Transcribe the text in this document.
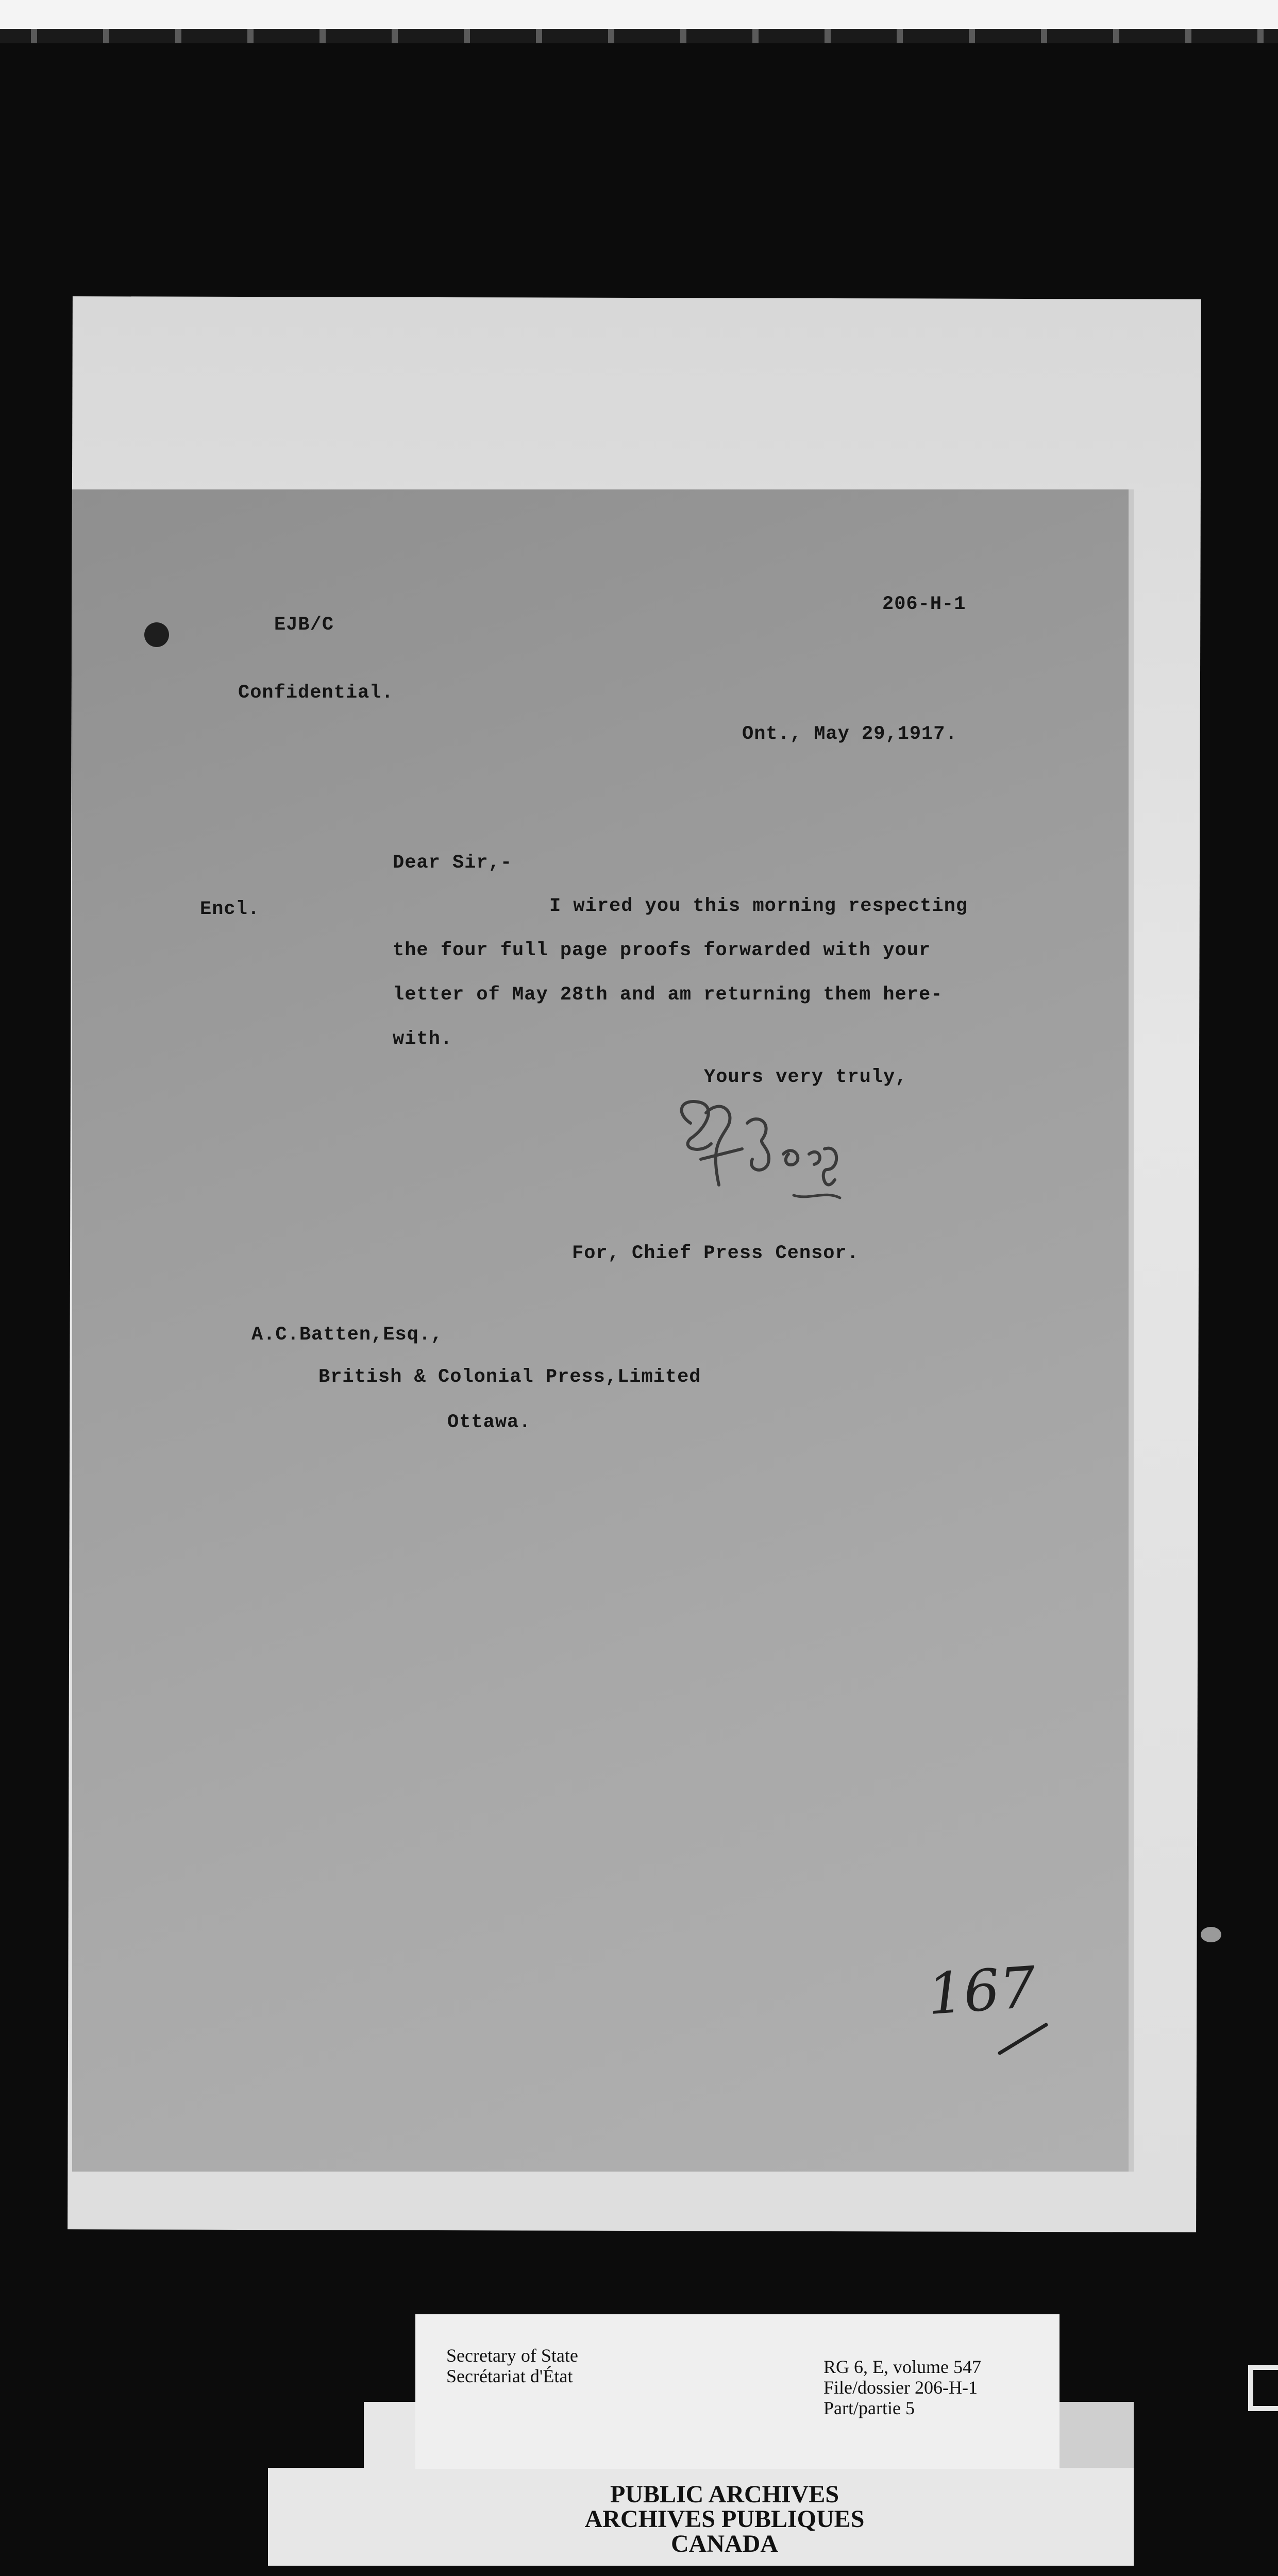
EJB/C
206-H-1
Confidential.
Ont., May 29,1917.
Dear Sir,-
Encl.	I wired you this morning respecting
the four full page proofs forwarded with your
letter of May 28th and am returning them here-
with.
Yours very truly,
For, Chief Press Censor.
A.C.Batten,Esq.,
British & Colonial Press,Limited
Ottawa.
167
Secretary of State
Secrétariat d'État	RG 6, E, volume 547
File/dossier 206-H-1
Part/partie 5
PUBLIC ARCHIVES
ARCHIVES PUBLIQUES
CANADA
